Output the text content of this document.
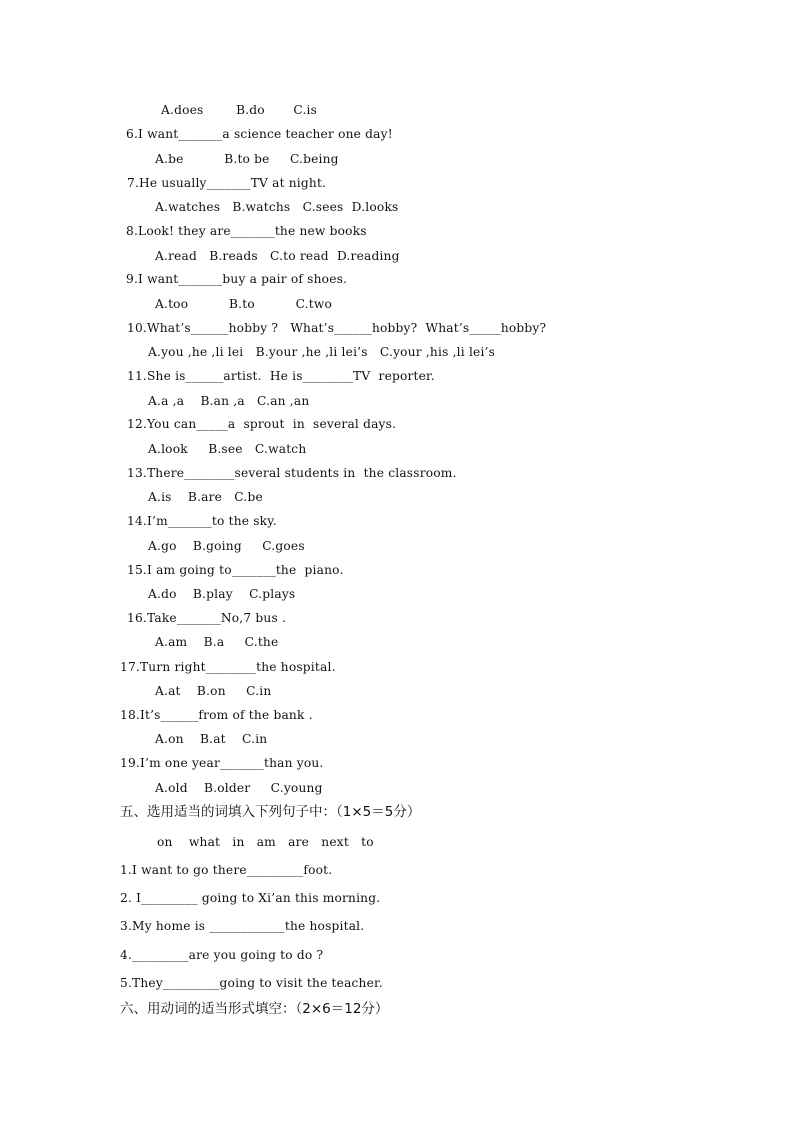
A.does        B.do       C.is
6.I want_______a science teacher one day!
A.be          B.to be     C.being
7.He usually_______TV at night.
A.watches   B.watchs   C.sees  D.looks
8.Look! they are_______the new books
A.read   B.reads   C.to read  D.reading
9.I want_______buy a pair of shoes.
A.too          B.to          C.two
10.What’s______hobby ?   What’s______hobby?  What’s_____hobby?
A.you ,he ,li lei   B.your ,he ,li lei’s   C.your ,his ,li lei’s
11.She is______artist.  He is________TV  reporter.
A.a ,a    B.an ,a   C.an ,an
12.You can_____a  sprout  in  several days.
A.look     B.see   C.watch
13.There________several students in  the classroom.
A.is    B.are   C.be
14.I’m_______to the sky.
A.go    B.going     C.goes
15.I am going to_______the  piano.
A.do    B.play    C.plays
16.Take_______No,7 bus .
A.am    B.a     C.the
17.Turn right________the hospital.
A.at    B.on     C.in
18.It’s______from of the bank .
A.on    B.at    C.in
19.I’m one year_______than you.
A.old    B.older     C.young
五、选用适当的词填入下列句子中：（1×5＝5分）
on    what   in   am   are   next   to
1.I want to go there_________foot.
2. I_________ going to Xi’an this morning.
3.My home is ____________the hospital.
4._________are you going to do ?
5.They_________going to visit the teacher.
六、用动词的适当形式填空：（2×6＝12分）
